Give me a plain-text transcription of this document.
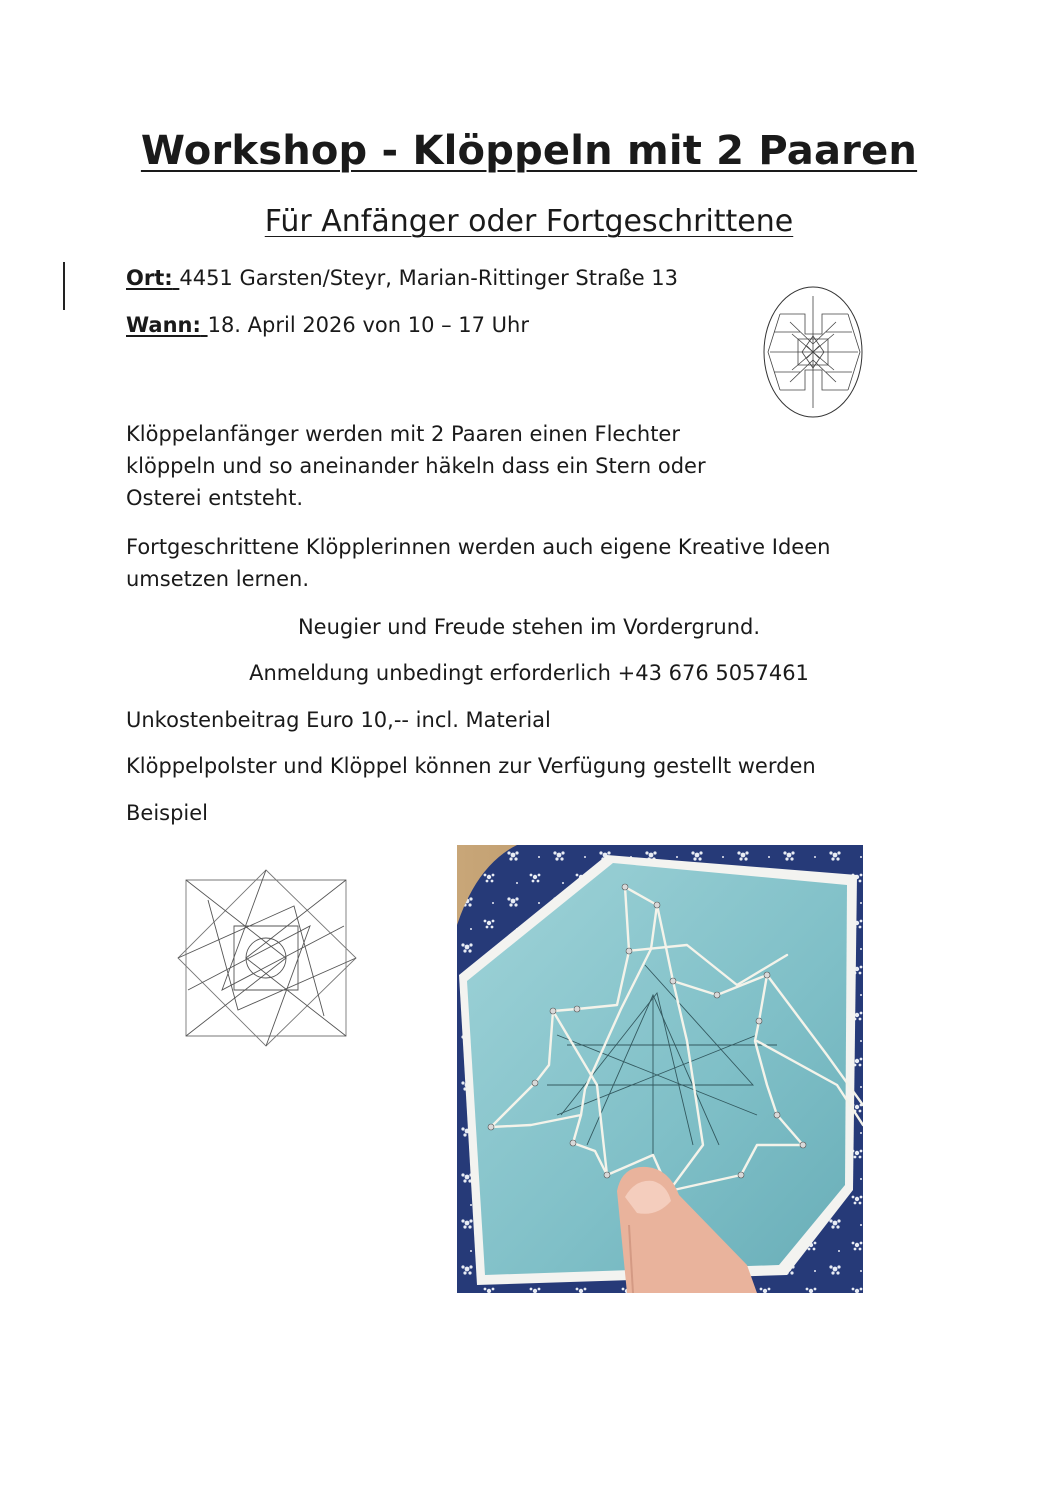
Workshop - Klöppeln mit 2 Paaren
Für Anfänger oder Fortgeschrittene
Ort: 4451 Garsten/Steyr, Marian-Rittinger Straße 13
Wann: 18. April 2026 von 10 – 17 Uhr
Klöppelanfänger werden mit 2 Paaren einen Flechter
klöppeln und so aneinander häkeln dass ein Stern oder
Osterei entsteht.
Fortgeschrittene Klöpplerinnen werden auch eigene Kreative Ideen
umsetzen lernen.
Neugier und Freude stehen im Vordergrund.
Anmeldung unbedingt erforderlich +43 676 5057461
Unkostenbeitrag Euro 10,-- incl. Material
Klöppelpolster und Klöppel können zur Verfügung gestellt werden
Beispiel
